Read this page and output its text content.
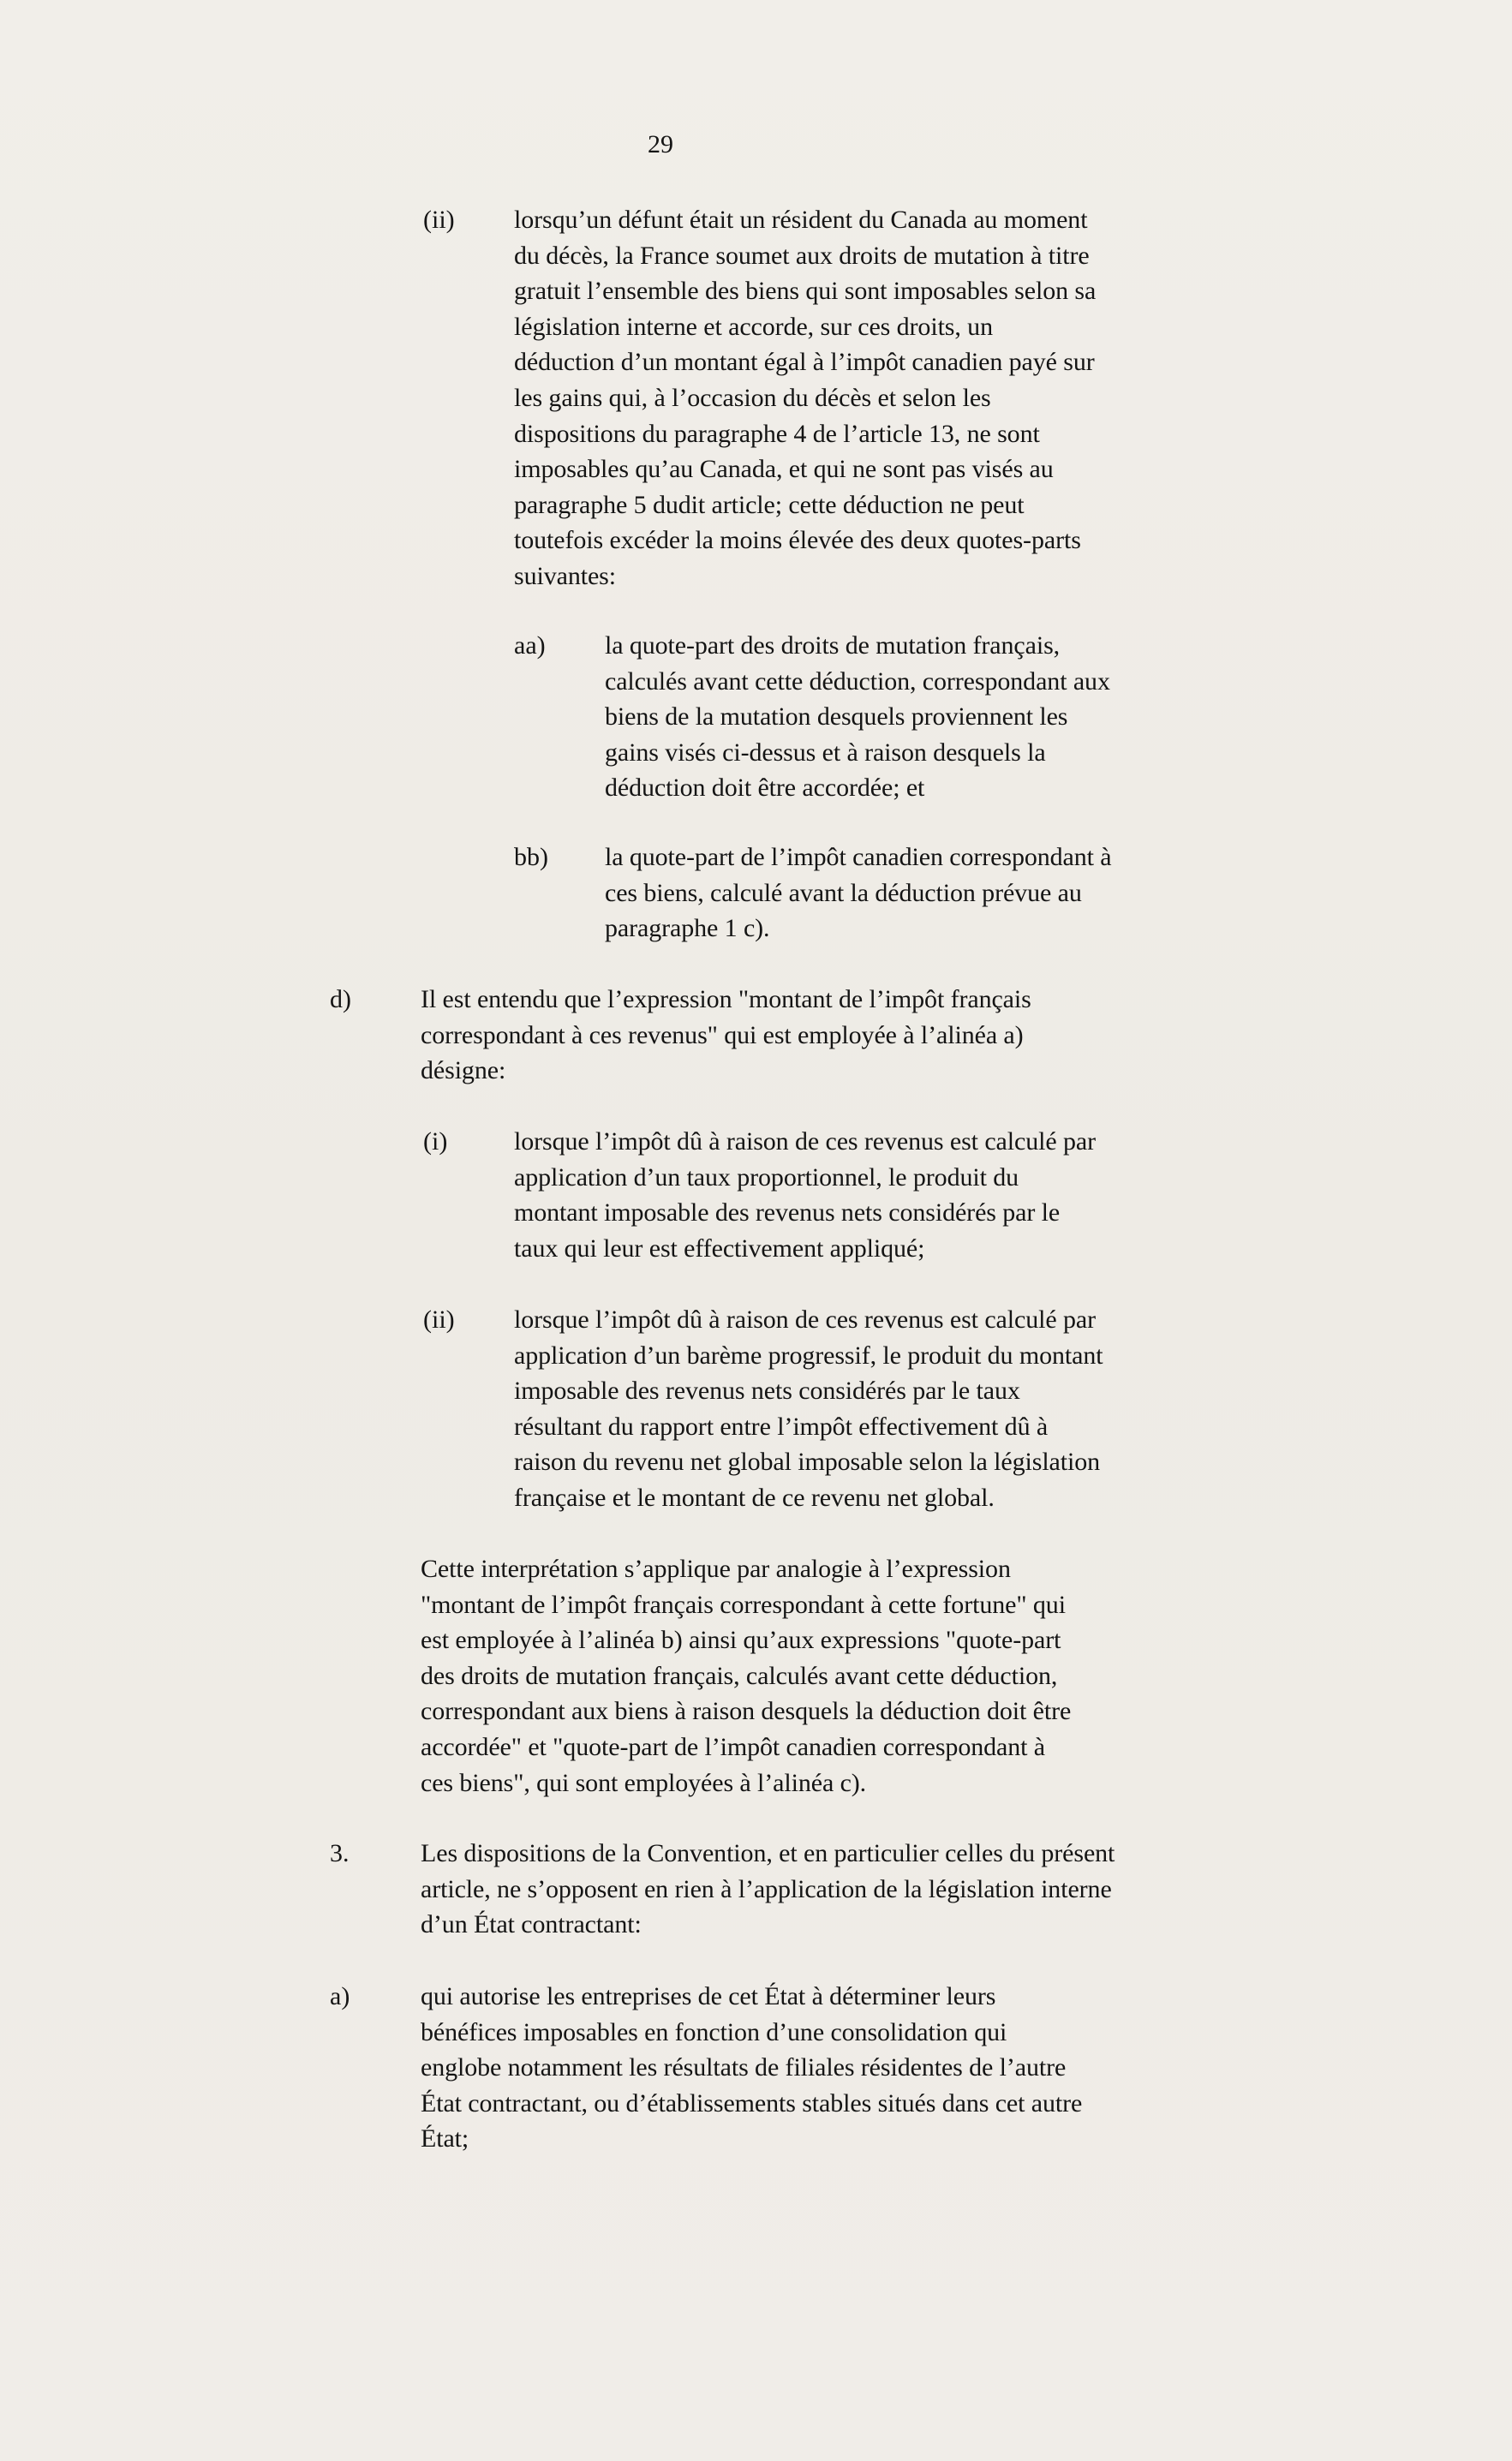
29
(ii) lorsqu’un défunt était un résident du Canada au moment
du décès, la France soumet aux droits de mutation à titre
gratuit l’ensemble des biens qui sont imposables selon sa
législation interne et accorde, sur ces droits, un
déduction d’un montant égal à l’impôt canadien payé sur
les gains qui, à l’occasion du décès et selon les
dispositions du paragraphe 4 de l’article 13, ne sont
imposables qu’au Canada, et qui ne sont pas visés au
paragraphe 5 dudit article; cette déduction ne peut
toutefois excéder la moins élevée des deux quotes-parts
suivantes:
aa) la quote-part des droits de mutation français,
calculés avant cette déduction, correspondant aux
biens de la mutation desquels proviennent les
gains visés ci-dessus et à raison desquels la
déduction doit être accordée; et
bb) la quote-part de l’impôt canadien correspondant à
ces biens, calculé avant la déduction prévue au
paragraphe 1 c).
d)	Il est entendu que l’expression "montant de l’impôt français
correspondant à ces revenus" qui est employée à l’alinéa a)
désigne:
(i)	lorsque l’impôt dû à raison de ces revenus est calculé par
application d’un taux proportionnel, le produit du
montant imposable des revenus nets considérés par le
taux qui leur est effectivement appliqué;
(ii) lorsque l’impôt dû à raison de ces revenus est calculé par
application d’un barème progressif, le produit du montant
imposable des revenus nets considérés par le taux
résultant du rapport entre l’impôt effectivement dû à
raison du revenu net global imposable selon la législation
française et le montant de ce revenu net global.
Cette interprétation s’applique par analogie à l’expression
"montant de l’impôt français correspondant à cette fortune" qui
est employée à l’alinéa b) ainsi qu’aux expressions "quote-part
des droits de mutation français, calculés avant cette déduction,
correspondant aux biens à raison desquels la déduction doit être
accordée" et "quote-part de l’impôt canadien correspondant à
ces biens", qui sont employées à l’alinéa c).
3.	Les dispositions de la Convention, et en particulier celles du présent
article, ne s’opposent en rien à l’application de la législation interne
d’un État contractant:
a)	qui autorise les entreprises de cet État à déterminer leurs
bénéfices imposables en fonction d’une consolidation qui
englobe notamment les résultats de filiales résidentes de l’autre
État contractant, ou d’établissements stables situés dans cet autre
État;
